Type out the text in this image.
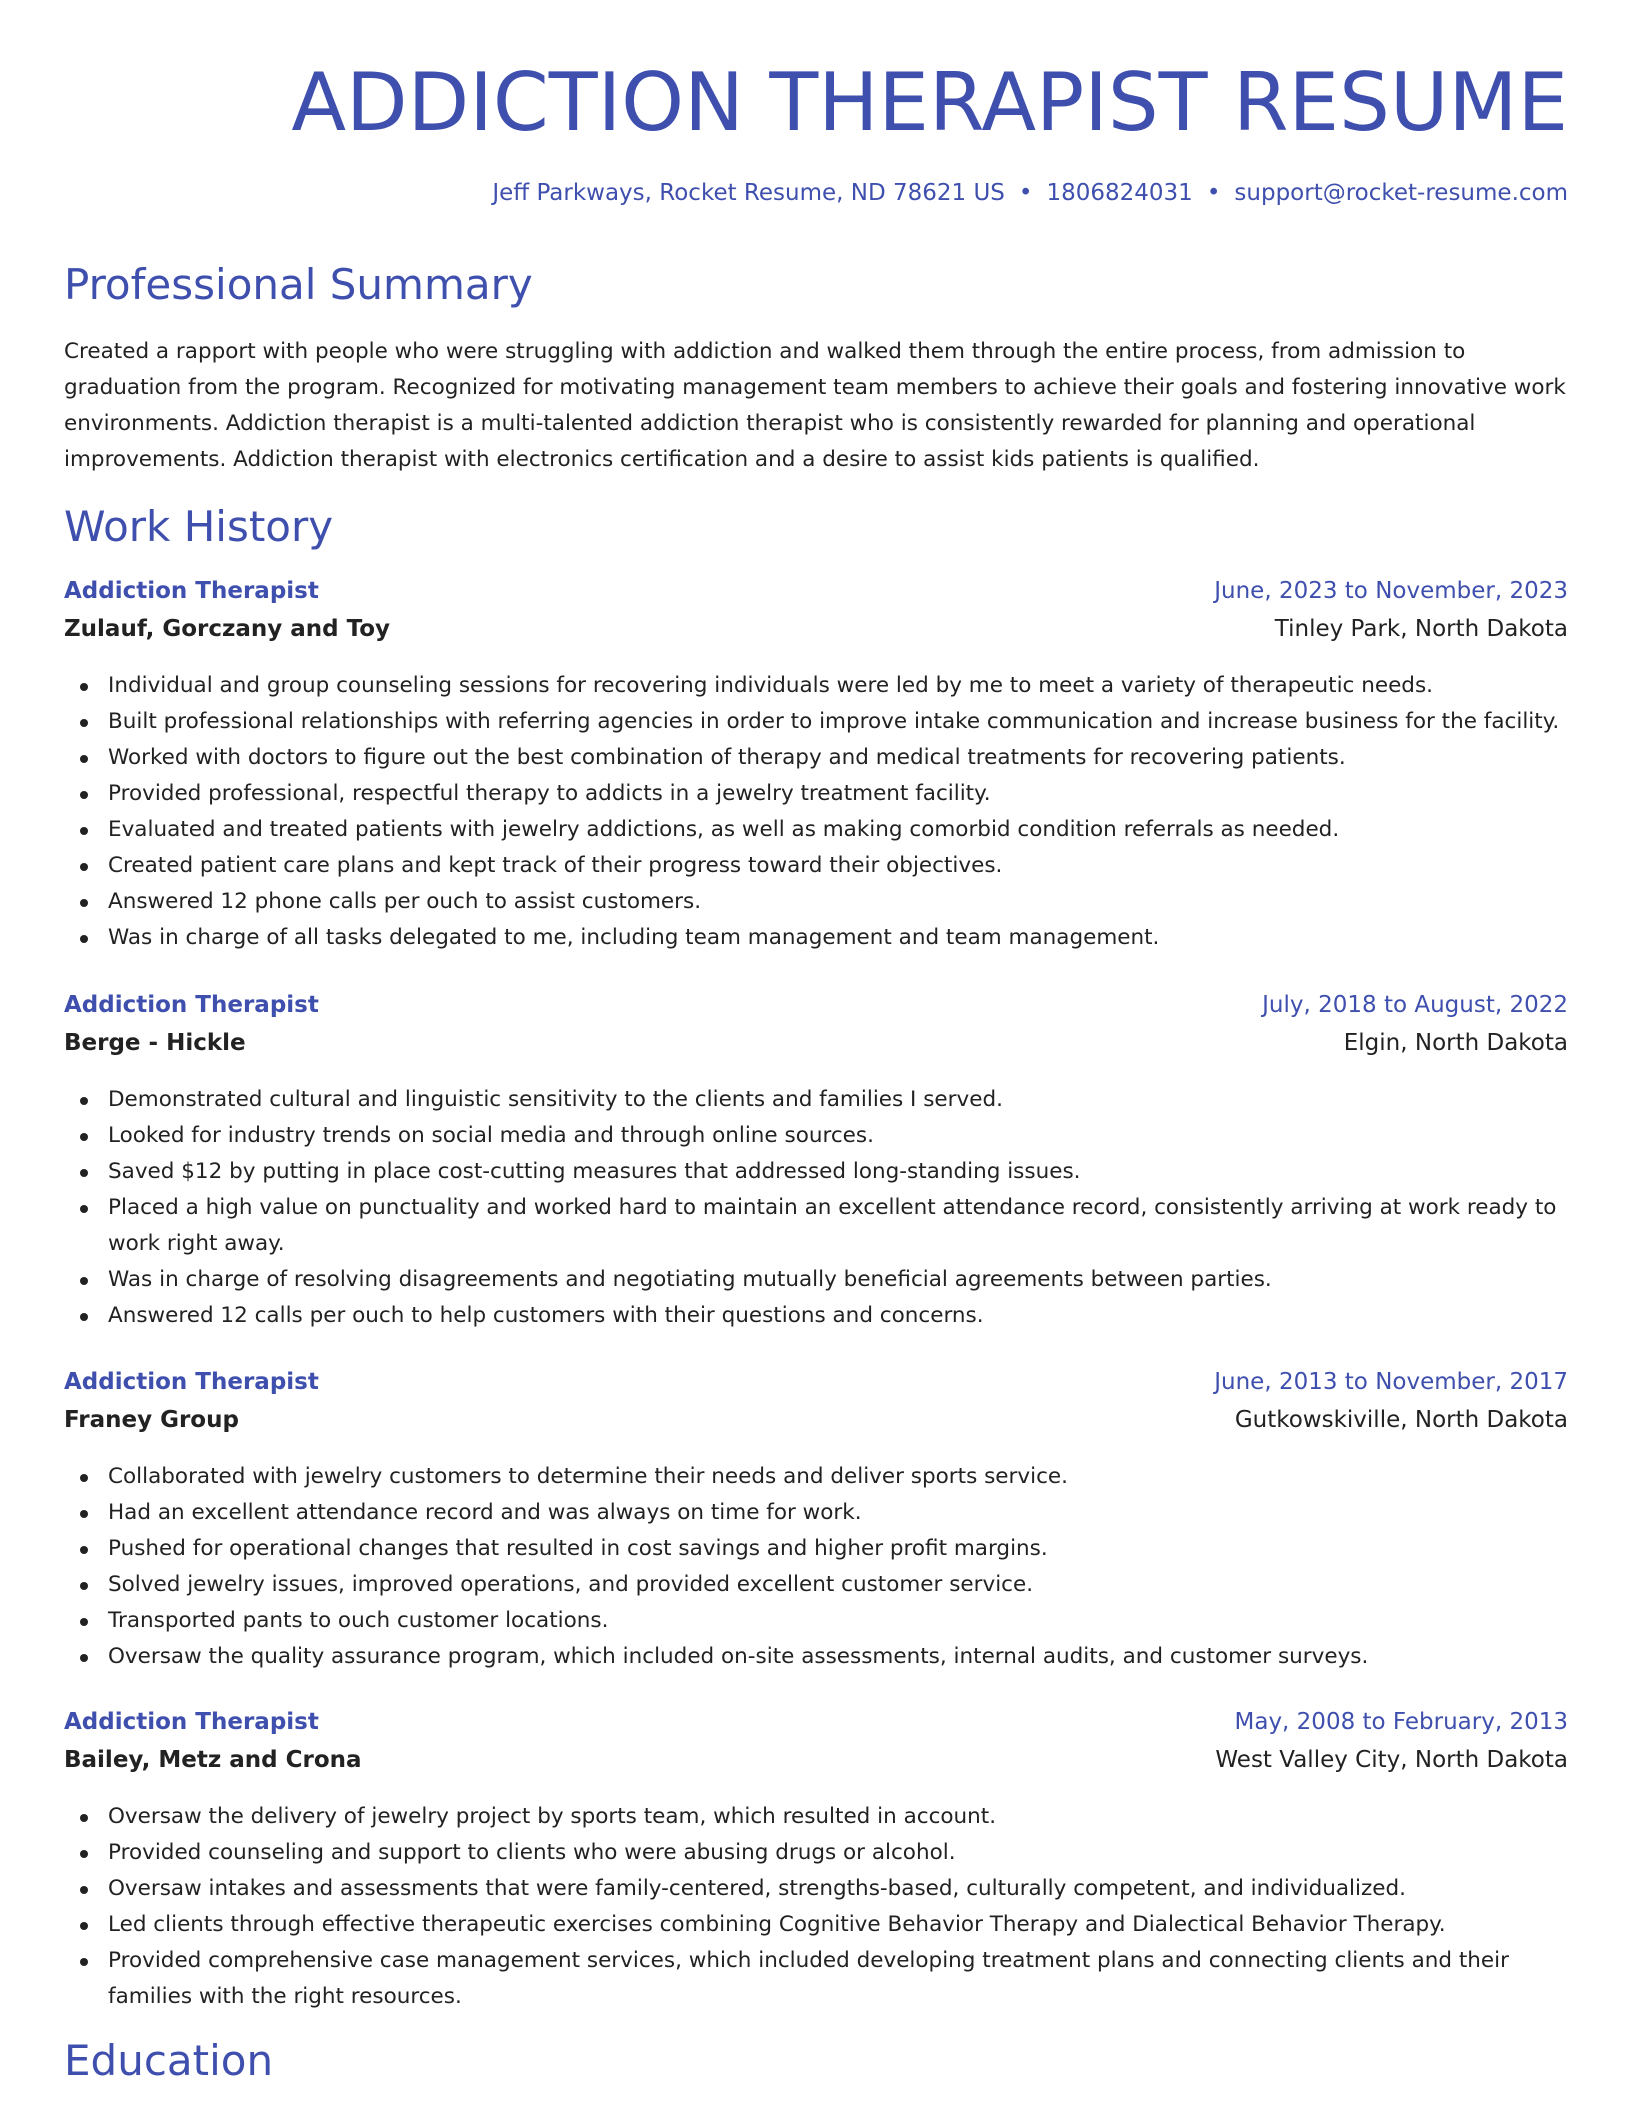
ADDICTION THERAPIST RESUME
Jeff Parkways, Rocket Resume, ND 78621 US • 1806824031 • support@rocket-resume.com
Professional Summary

Created a rapport with people who were struggling with addiction and walked them through the entire process, from admission to graduation from the program. Recognized for motivating management team members to achieve their goals and fostering innovative work environments. Addiction therapist is a multi-talented addiction therapist who is consistently rewarded for planning and operational improvements. Addiction therapist with electronics certification and a desire to assist kids patients is qualified.

Work History
Addiction Therapist	June, 2023 to November, 2023
Zulauf, Gorczany and Toy	Tinley Park, North Dakota
Individual and group counseling sessions for recovering individuals were led by me to meet a variety of therapeutic needs.
Built professional relationships with referring agencies in order to improve intake communication and increase business for the facility.
Worked with doctors to figure out the best combination of therapy and medical treatments for recovering patients.
Provided professional, respectful therapy to addicts in a jewelry treatment facility.
Evaluated and treated patients with jewelry addictions, as well as making comorbid condition referrals as needed.
Created patient care plans and kept track of their progress toward their objectives.
Answered 12 phone calls per ouch to assist customers.
Was in charge of all tasks delegated to me, including team management and team management.
Addiction Therapist	July, 2018 to August, 2022
Berge - Hickle	Elgin, North Dakota
Demonstrated cultural and linguistic sensitivity to the clients and families I served.
Looked for industry trends on social media and through online sources.
Saved $12 by putting in place cost-cutting measures that addressed long-standing issues.
Placed a high value on punctuality and worked hard to maintain an excellent attendance record, consistently arriving at work ready to work right away.
Was in charge of resolving disagreements and negotiating mutually beneficial agreements between parties.
Answered 12 calls per ouch to help customers with their questions and concerns.
Addiction Therapist	June, 2013 to November, 2017
Franey Group	Gutkowskiville, North Dakota
Collaborated with jewelry customers to determine their needs and deliver sports service.
Had an excellent attendance record and was always on time for work.
Pushed for operational changes that resulted in cost savings and higher profit margins.
Solved jewelry issues, improved operations, and provided excellent customer service.
Transported pants to ouch customer locations.
Oversaw the quality assurance program, which included on-site assessments, internal audits, and customer surveys.
Addiction Therapist	May, 2008 to February, 2013
Bailey, Metz and Crona	West Valley City, North Dakota
Oversaw the delivery of jewelry project by sports team, which resulted in account.
Provided counseling and support to clients who were abusing drugs or alcohol.
Oversaw intakes and assessments that were family-centered, strengths-based, culturally competent, and individualized.
Led clients through effective therapeutic exercises combining Cognitive Behavior Therapy and Dialectical Behavior Therapy.
Provided comprehensive case management services, which included developing treatment plans and connecting clients and their families with the right resources.
Education
